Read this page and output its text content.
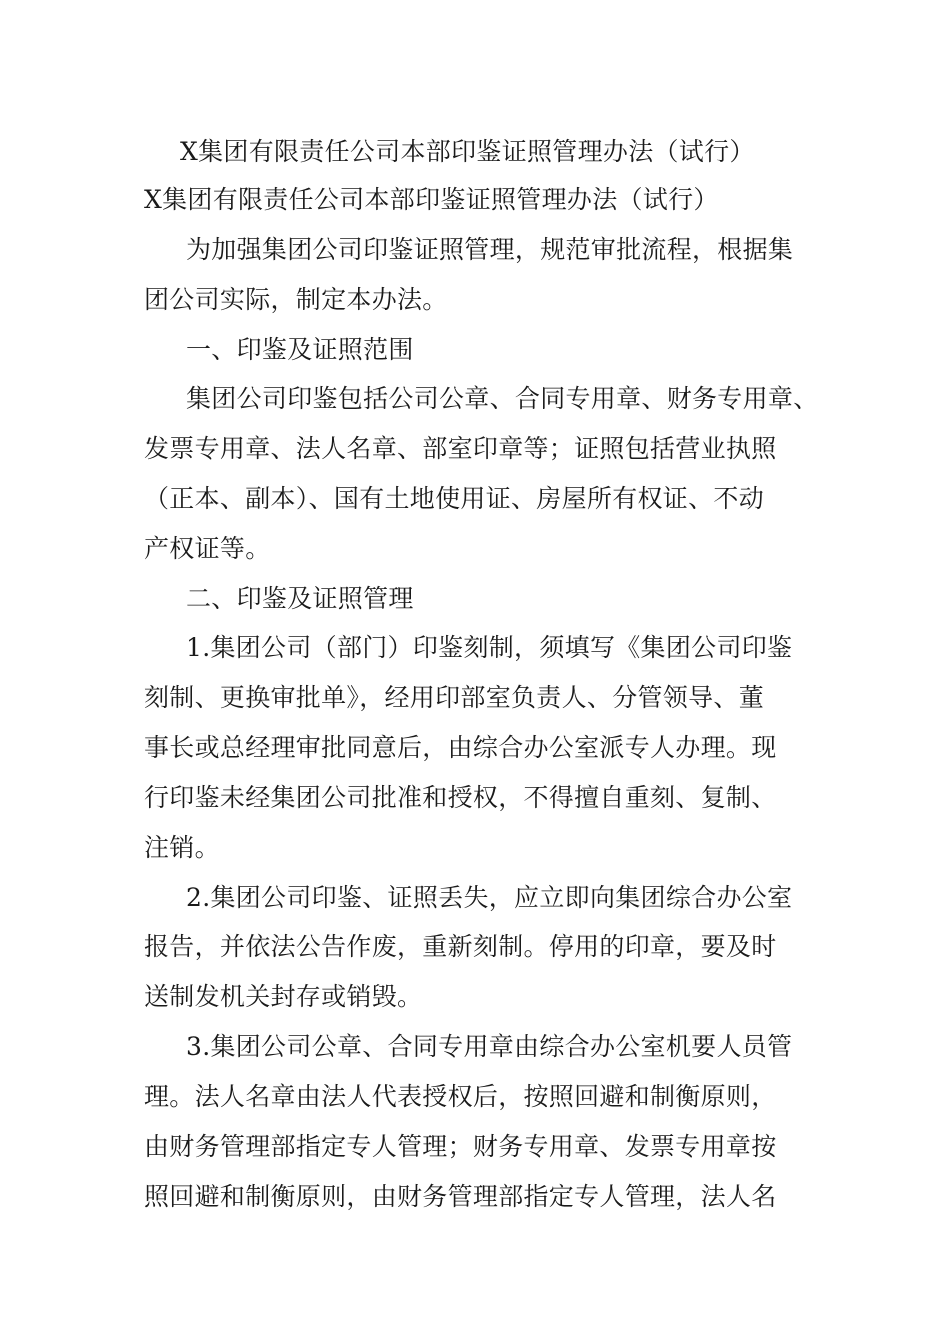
X集团有限责任公司本部印鉴证照管理办法（试行）
X集团有限责任公司本部印鉴证照管理办法（试行）
为加强集团公司印鉴证照管理，规范审批流程，根据集
团公司实际，制定本办法。
一、印鉴及证照范围
集团公司印鉴包括公司公章、合同专用章、财务专用章、
发票专用章、法人名章、部室印章等；证照包括营业执照
（正本、副本）、国有土地使用证、房屋所有权证、不动
产权证等。
二、印鉴及证照管理
1.集团公司（部门）印鉴刻制，须填写《集团公司印鉴
刻制、更换审批单》，经用印部室负责人、分管领导、董
事长或总经理审批同意后，由综合办公室派专人办理。现
行印鉴未经集团公司批准和授权，不得擅自重刻、复制、
注销。
2.集团公司印鉴、证照丢失，应立即向集团综合办公室
报告，并依法公告作废，重新刻制。停用的印章，要及时
送制发机关封存或销毁。
3.集团公司公章、合同专用章由综合办公室机要人员管
理。法人名章由法人代表授权后，按照回避和制衡原则，
由财务管理部指定专人管理；财务专用章、发票专用章按
照回避和制衡原则，由财务管理部指定专人管理，法人名
